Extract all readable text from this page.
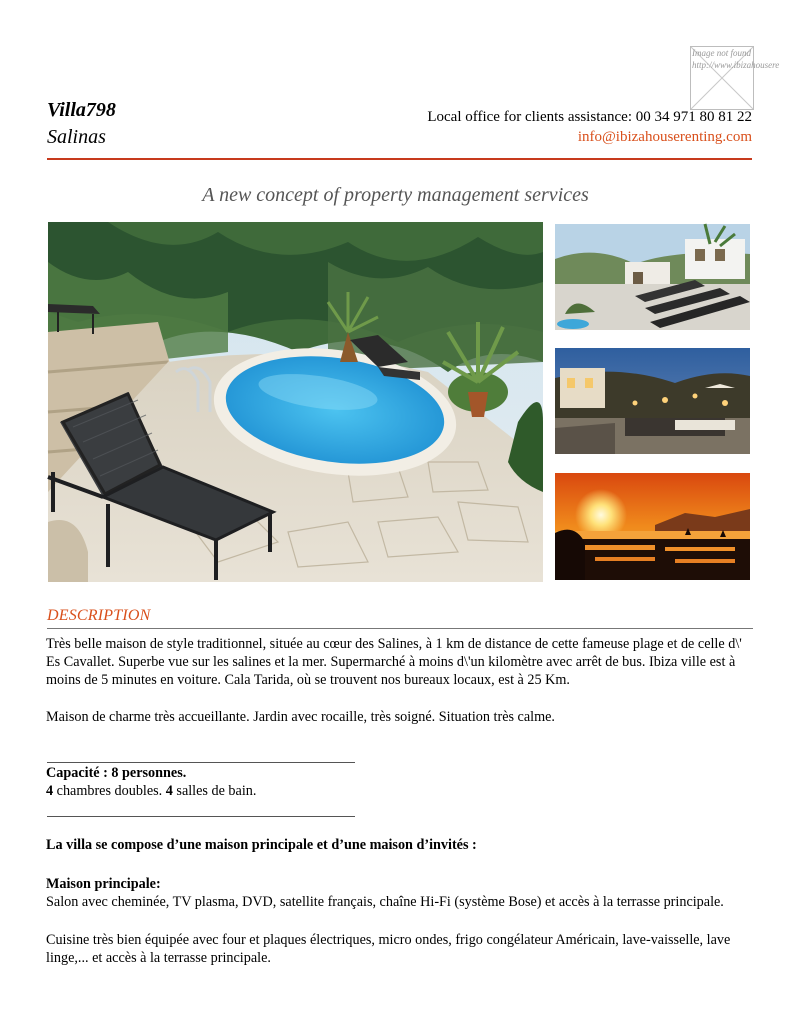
Image not found
http://www.ibizahousere
Villa798
Salinas
Local office for clients assistance: 00 34 971 80 81 22
info@ibizahouserenting.com
A new concept of property management services
DESCRIPTION
Très belle maison de style traditionnel, située au cœur des Salines, à 1 km de distance de cette fameuse plage et de celle d\' Es Cavallet. Superbe vue sur les salines et la mer. Supermarché à moins d\'un kilomètre avec arrêt de bus. Ibiza ville est à moins de 5 minutes en voiture. Cala Tarida, où se trouvent nos bureaux locaux, est à 25 Km.
Maison de charme très accueillante. Jardin avec rocaille, très soigné. Situation très calme.
Capacité : 8 personnes.
4 chambres doubles. 4 salles de bain.
La villa se compose d’une maison principale et d’une maison d’invités :
Maison principale:
Salon avec cheminée, TV plasma, DVD, satellite français, chaîne Hi-Fi (système Bose) et accès à la terrasse principale.
Cuisine très bien équipée avec four et plaques électriques, micro ondes, frigo congélateur Américain, lave-vaisselle, lave linge,... et accès à la terrasse principale.
